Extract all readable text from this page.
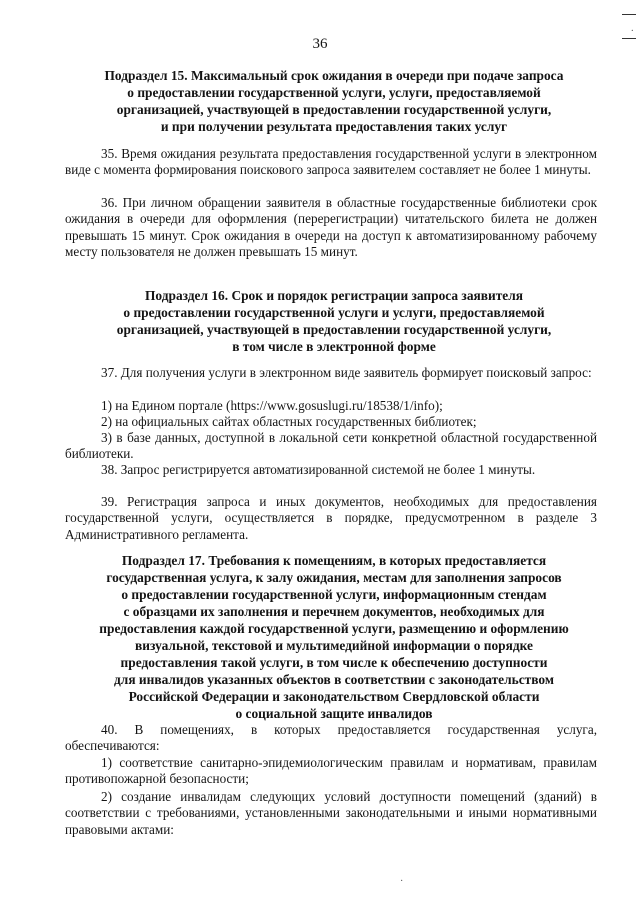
36
Подраздел 15. Максимальный срок ожидания в очереди при подаче запроса
о предоставлении государственной услуги, услуги, предоставляемой
организацией, участвующей в предоставлении государственной услуги,
и при получении результата предоставления таких услуг
35. Время ожидания результата предоставления государственной услуги в электронном виде с момента формирования поискового запроса заявителем составляет не более 1 минуты.
36. При личном обращении заявителя в областные государственные библиотеки срок ожидания в очереди для оформления (перерегистрации) читательского билета не должен превышать 15 минут. Срок ожидания в очереди на доступ к автоматизированному рабочему месту пользователя не должен превышать 15 минут.
Подраздел 16. Срок и порядок регистрации запроса заявителя
о предоставлении государственной услуги и услуги, предоставляемой
организацией, участвующей в предоставлении государственной услуги,
в том числе в электронной форме
37. Для получения услуги в электронном виде заявитель формирует поисковый запрос:
1) на Едином портале (https://www.gosuslugi.ru/18538/1/info);
2) на официальных сайтах областных государственных библиотек;
3) в базе данных, доступной в локальной сети конкретной областной государственной библиотеки.
38. Запрос регистрируется автоматизированной системой не более 1 минуты.
39. Регистрация запроса и иных документов, необходимых для предоставления государственной услуги, осуществляется в порядке, предусмотренном в разделе 3 Административного регламента.
Подраздел 17. Требования к помещениям, в которых предоставляется
государственная услуга, к залу ожидания, местам для заполнения запросов
о предоставлении государственной услуги, информационным стендам
с образцами их заполнения и перечнем документов, необходимых для
предоставления каждой государственной услуги, размещению и оформлению
визуальной, текстовой и мультимедийной информации о порядке
предоставления такой услуги, в том числе к обеспечению доступности
для инвалидов указанных объектов в соответствии с законодательством
Российской Федерации и законодательством Свердловской области
о социальной защите инвалидов
40. В помещениях, в которых предоставляется государственная услуга, обеспечиваются:
1) соответствие санитарно-эпидемиологическим правилам и нормативам, правилам противопожарной безопасности;
2) создание инвалидам следующих условий доступности помещений (зданий) в соответствии с требованиями, установленными законодательными и иными нормативными правовыми актами:
·
·
